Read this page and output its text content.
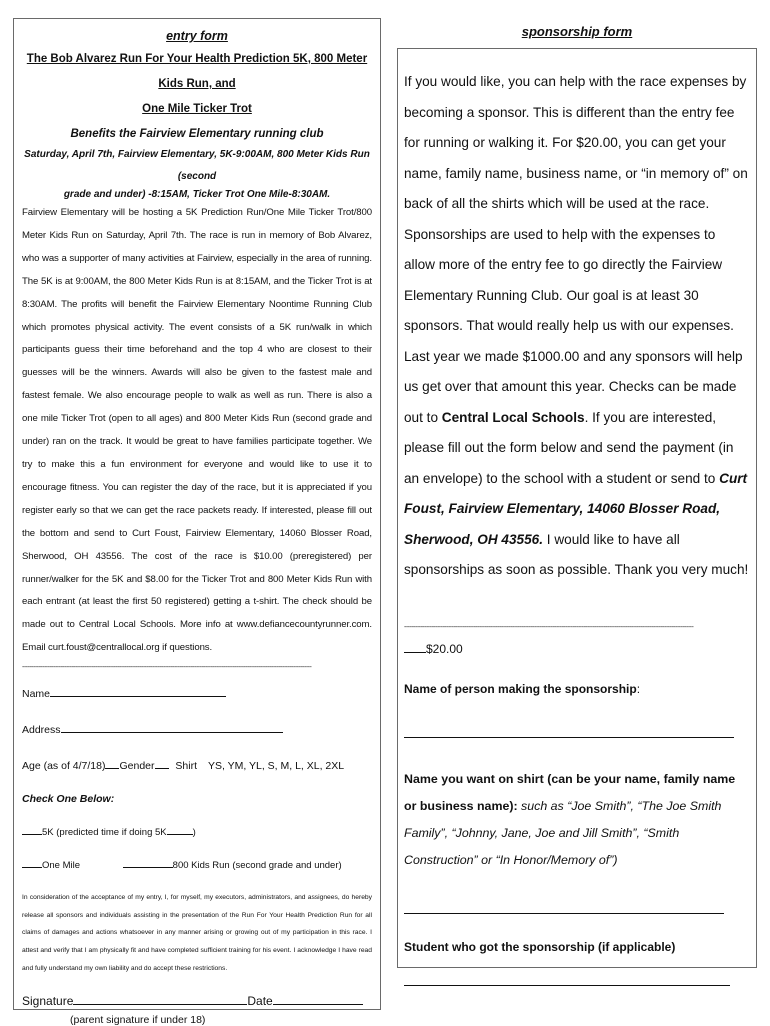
entry form
The Bob Alvarez Run For Your Health Prediction 5K, 800 Meter Kids Run, and
One Mile Ticker Trot
Benefits the Fairview Elementary running club
Saturday, April 7th, Fairview Elementary, 5K-9:00AM, 800 Meter Kids Run (second
grade and under) -8:15AM, Ticker Trot One Mile-8:30AM.
Fairview Elementary will be hosting a 5K Prediction Run/One Mile Ticker Trot/800 Meter Kids Run on Saturday, April 7th. The race is run in memory of Bob Alvarez, who was a supporter of many activities at Fairview, especially in the area of running. The 5K is at 9:00AM, the 800 Meter Kids Run is at 8:15AM, and the Ticker Trot is at 8:30AM. The profits will benefit the Fairview Elementary Noontime Running Club which promotes physical activity. The event consists of a 5K run/walk in which participants guess their time beforehand and the top 4 who are closest to their guesses will be the winners. Awards will also be given to the fastest male and fastest female. We also encourage people to walk as well as run. There is also a one mile Ticker Trot (open to all ages) and 800 Meter Kids Run (second grade and under) ran on the track. It would be great to have families participate together. We try to make this a fun environment for everyone and would like to use it to encourage fitness. You can register the day of the race, but it is appreciated if you register early so that we can get the race packets ready. If interested, please fill out the bottom and send to Curt Foust, Fairview Elementary, 14060 Blosser Road, Sherwood, OH 43556. The cost of the race is $10.00 (preregistered) per runner/walker for the 5K and $8.00 for the Ticker Trot and 800 Meter Kids Run with each entrant (at least the first 50 registered) getting a t-shirt. The check should be made out to Central Local Schools. More info at www.defiancecountyrunner.com. Email curt.foust@centrallocal.org if questions.
--------------------------------------------------------------------------------------------------------------------------------------------------------------
Name
Address
Age (as of 4/7/18) Gender Shirt YS, YM, YL, S, M, L, XL, 2XL
Check One Below:
5K (predicted time if doing 5K	)
One Mile	800 Kids Run (second grade and under)
In consideration of the acceptance of my entry, I, for myself, my executors, administrators, and assignees, do hereby release all sponsors and individuals assisting in the presentation of the Run For Your Health Prediction Run for all claims of damages and actions whatsoever in any manner arising or growing out of my participation in this race. I attest and verify that I am physically fit and have completed sufficient training for his event. I acknowledge I have read and fully understand my own liability and do accept these restrictions.
Signature	Date
(parent signature if under 18)
sponsorship form
If you would like, you can help with the race expenses by becoming a sponsor. This is different than the entry fee for running or walking it. For $20.00, you can get your name, family name, business name, or “in memory of” on back of all the shirts which will be used at the race. Sponsorships are used to help with the expenses to allow more of the entry fee to go directly the Fairview Elementary Running Club. Our goal is at least 30 sponsors. That would really help us with our expenses. Last year we made $1000.00 and any sponsors will help us get over that amount this year. Checks can be made out to Central Local Schools. If you are interested, please fill out the form below and send the payment (in an envelope) to the school with a student or send to Curt Foust, Fairview Elementary, 14060 Blosser Road, Sherwood, OH 43556. I would like to have all sponsorships as soon as possible. Thank you very much!
--------------------------------------------------------------------------------------------------------------------------------------------------------------
$20.00
Name of person making the sponsorship:
Name you want on shirt (can be your name, family name or business name): such as “Joe Smith”, “The Joe Smith Family”, “Johnny, Jane, Joe and Jill Smith”, “Smith Construction” or “In Honor/Memory of”)
Student who got the sponsorship (if applicable)
